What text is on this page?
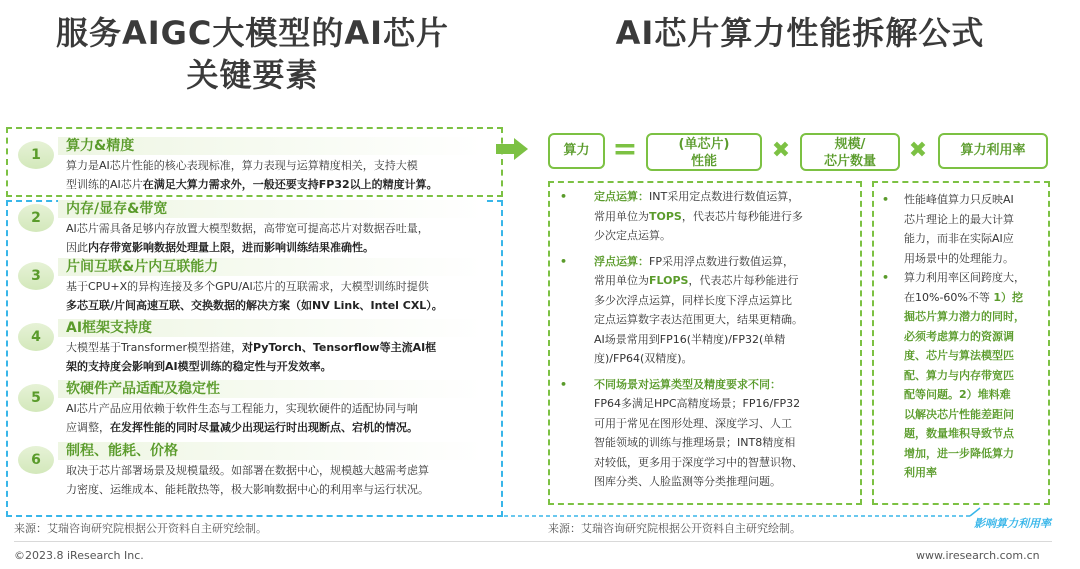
服务AIGC大模型的AI芯片
关键要素
AI芯片算力性能拆解公式
1
算力&精度
算力是AI芯片性能的核心表现标准，算力表现与运算精度相关，支持大模
型训练的AI芯片在满足大算力需求外，一般还要支持FP32以上的精度计算。
2
内存/显存&带宽
AI芯片需具备足够内存放置大模型数据，高带宽可提高芯片对数据吞吐量，
因此内存带宽影响数据处理量上限，进而影响训练结果准确性。
3
片间互联&片内互联能力
基于CPU+X的异构连接及多个GPU/AI芯片的互联需求，大模型训练时提供
多芯互联/片间高速互联、交换数据的解决方案（如NV Link、Intel CXL）。
4
AI框架支持度
大模型基于Transformer模型搭建，对PyTorch、Tensorflow等主流AI框
架的支持度会影响到AI模型训练的稳定性与开发效率。
5
软硬件产品适配及稳定性
AI芯片产品应用依赖于软件生态与工程能力，实现软硬件的适配协同与响
应调整，在发挥性能的同时尽量减少出现运行时出现断点、宕机的情况。
6
制程、能耗、价格
取决于芯片部署场景及规模量级。如部署在数据中心，规模越大越需考虑算
力密度、运维成本、能耗散热等，极大影响数据中心的利用率与运行状况。
算力 =	(单芯片)
性能	✖	规模/
芯片数量	✖	算力利用率
• 定点运算：INT采用定点数进行数值运算，
常用单位为TOPS，代表芯片每秒能进行多
少次定点运算。
• 浮点运算：FP采用浮点数进行数值运算，
常用单位为FLOPS，代表芯片每秒能进行
多少次浮点运算，同样长度下浮点运算比
定点运算数字表达范围更大，结果更精确。
AI场景常用到FP16(半精度)/FP32(单精
度)/FP64(双精度)。
• 不同场景对运算类型及精度要求不同：
FP64多满足HPC高精度场景；FP16/FP32
可用于常见在图形处理、深度学习、人工
智能领域的训练与推理场景；INT8精度相
对较低，更多用于深度学习中的智慧识物、
图库分类、人脸监测等分类推理问题。
• 性能峰值算力只反映AI
芯片理论上的最大计算
能力，而非在实际AI应
用场景中的处理能力。
• 算力利用率区间跨度大，
在10%-60%不等 1）挖
掘芯片算力潜力的同时，
必须考虑算力的资源调
度、芯片与算法模型匹
配、算力与内存带宽匹
配等问题。2）堆料难
以解决芯片性能差距问
题，数量堆积导致节点
增加，进一步降低算力
利用率
影响算力利用率
来源：艾瑞咨询研究院根据公开资料自主研究绘制。	来源：艾瑞咨询研究院根据公开资料自主研究绘制。
©2023.8 iResearch Inc.	www.iresearch.com.cn
